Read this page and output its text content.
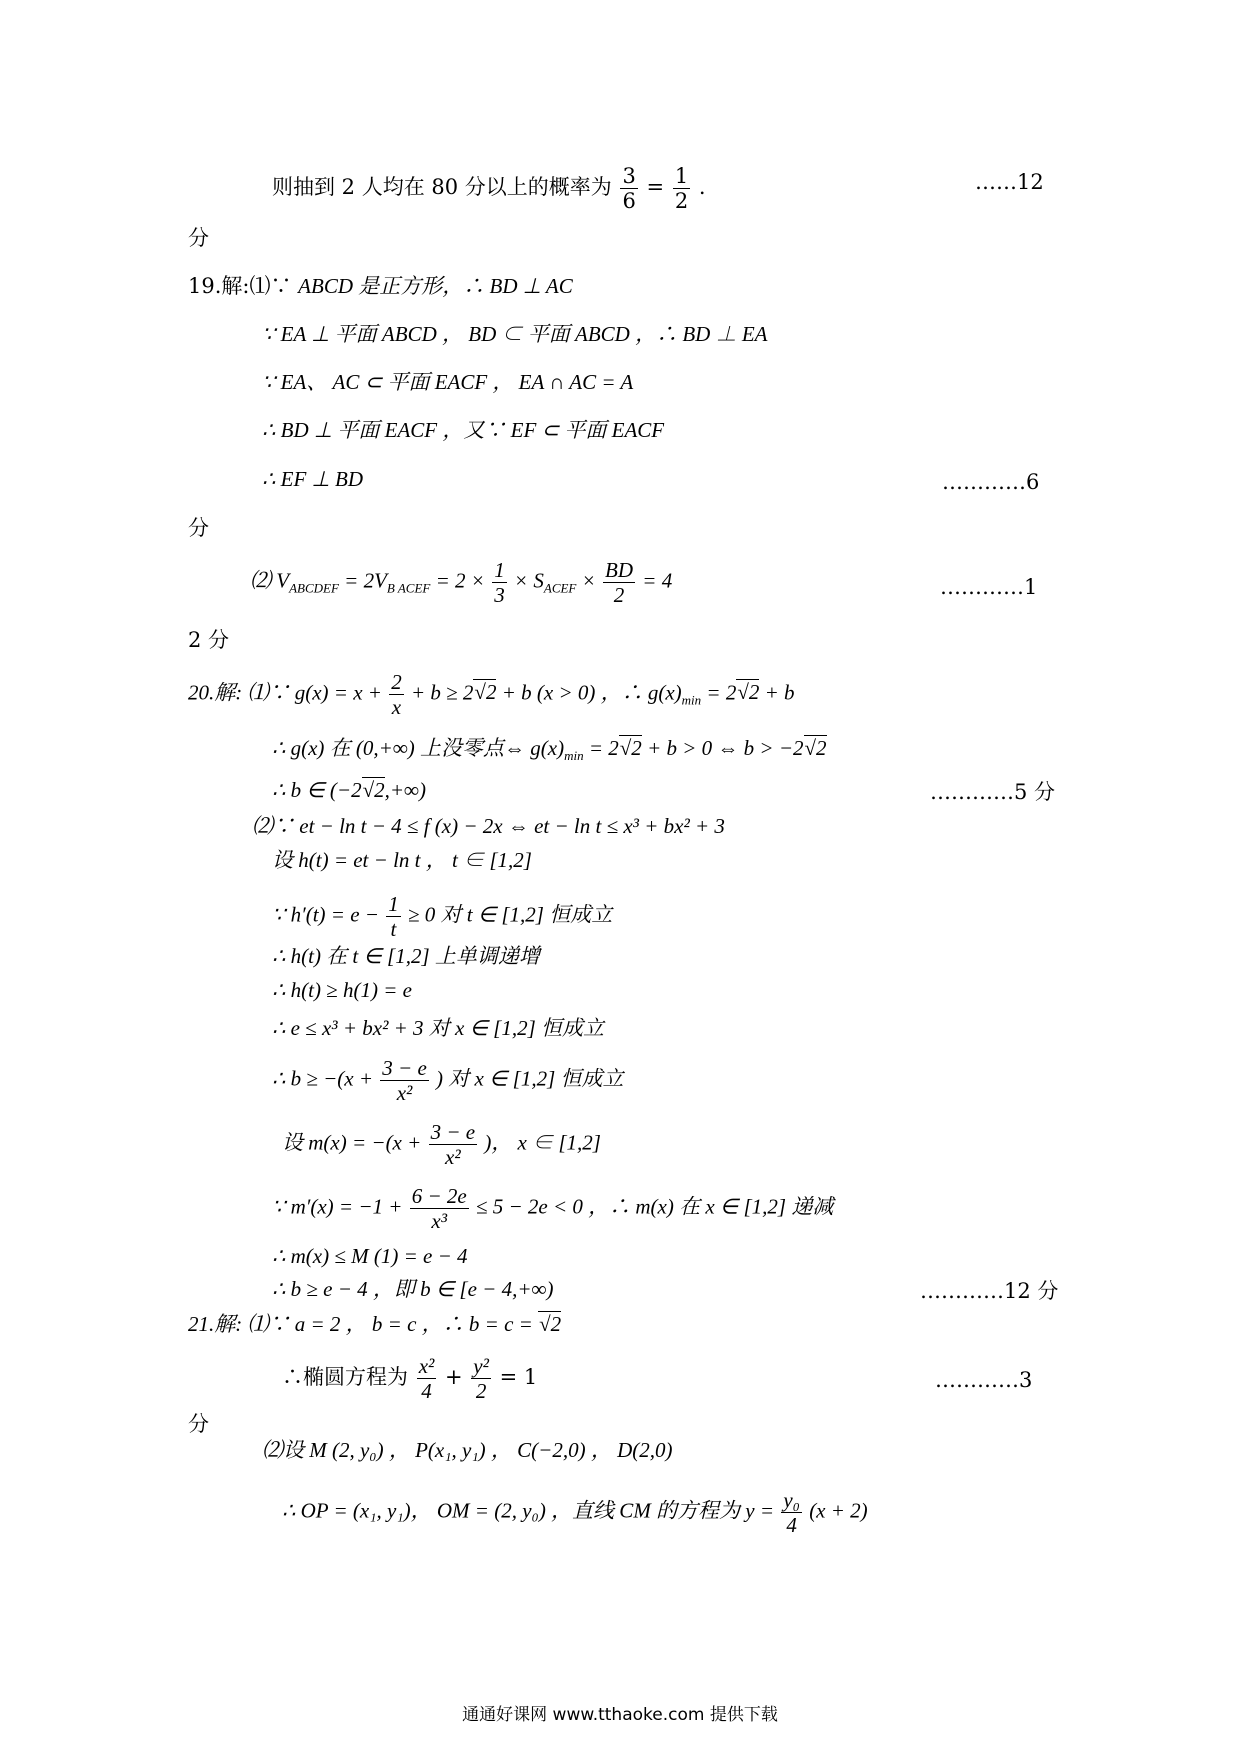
则抽到 2 人均在 80 分以上的概率为 $\frac{3}{6} = \frac{1}{2}$ .	……12
分
19.解:⑴∵ ABCD 是正方形，∴ BD ⊥ AC
∵ EA ⊥ 平面 ABCD ， BD ⊂ 平面 ABCD ，∴ BD ⊥ EA
∵ EA、 AC ⊂ 平面 EACF ， EA ∩ AC = A
∴ BD ⊥ 平面 EACF ，又∵ EF ⊂ 平面 EACF
∴ EF ⊥ BD	…………6
分
⑵ $V_{ABCDEF} = 2V_{B ACEF} = 2 \times \frac{1}{3} \times S_{ACEF} \times \frac{BD}{2} = 4$	…………1
2 分
20.解: ⑴∵ $g(x) = x + \frac{2}{x} + b \ge 2√2 + b$ (x > 0) ，∴ $g(x)_{min} = 2√2 + b$
∴ g(x) 在 (0,+∞) 上没零点⇔ $g(x)_{min} = 2√2 + b > 0$ ⇔ b > −2√2
∴ b ∈ (−2√2,+∞)	…………5 分
⑵∵ et − ln t − 4 ≤ f (x) − 2x ⇔ et − ln t ≤ x³ + bx² + 3
设 h(t) = et − ln t ， t ∈ [1,2]
∵ $h'(t) = e - \frac{1}{t} \ge 0$ 对 t ∈ [1,2] 恒成立
∴ h(t) 在 t ∈ [1,2] 上单调递增
∴ h(t) ≥ h(1) = e
∴ e ≤ x³ + bx² + 3 对 x ∈ [1,2] 恒成立
∴ $b \ge -(x + \frac{3 - e}{\text{x²}}$ ) 对 x ∈ [1,2] 恒成立
设 $m(x) = -(x + \frac{3 - e}{\text{x²}}$ )， x ∈ [1,2]
∵ $m'(x) = -1 + \frac{6 - 2e}{\text{x³}} \le 5 - 2e < 0$ ，∴ m(x) 在 x ∈ [1,2] 递减
∴ m(x) ≤ M (1) = e − 4
∴ b ≥ e − 4 ，即 b ∈ [e − 4,+∞)	…………12 分
21.解: ⑴∵ a = 2 ， b = c ，∴ b = c = √2
∴椭圆方程为 $\frac{\text{x²}}{4} + \frac{\text{y²}}{2} = 1$	…………3
分
⑵设 M (2, y₀) ， P(x₁, y₁) ， C(−2,0) ， D(2,0)
∴ OP = (x₁, y₁)， OM = (2, y₀) ，直线 CM 的方程为 $y = \frac{\text{y₀}}{4} (x + 2)$
通通好课网 www.tthaoke.com 提供下载
